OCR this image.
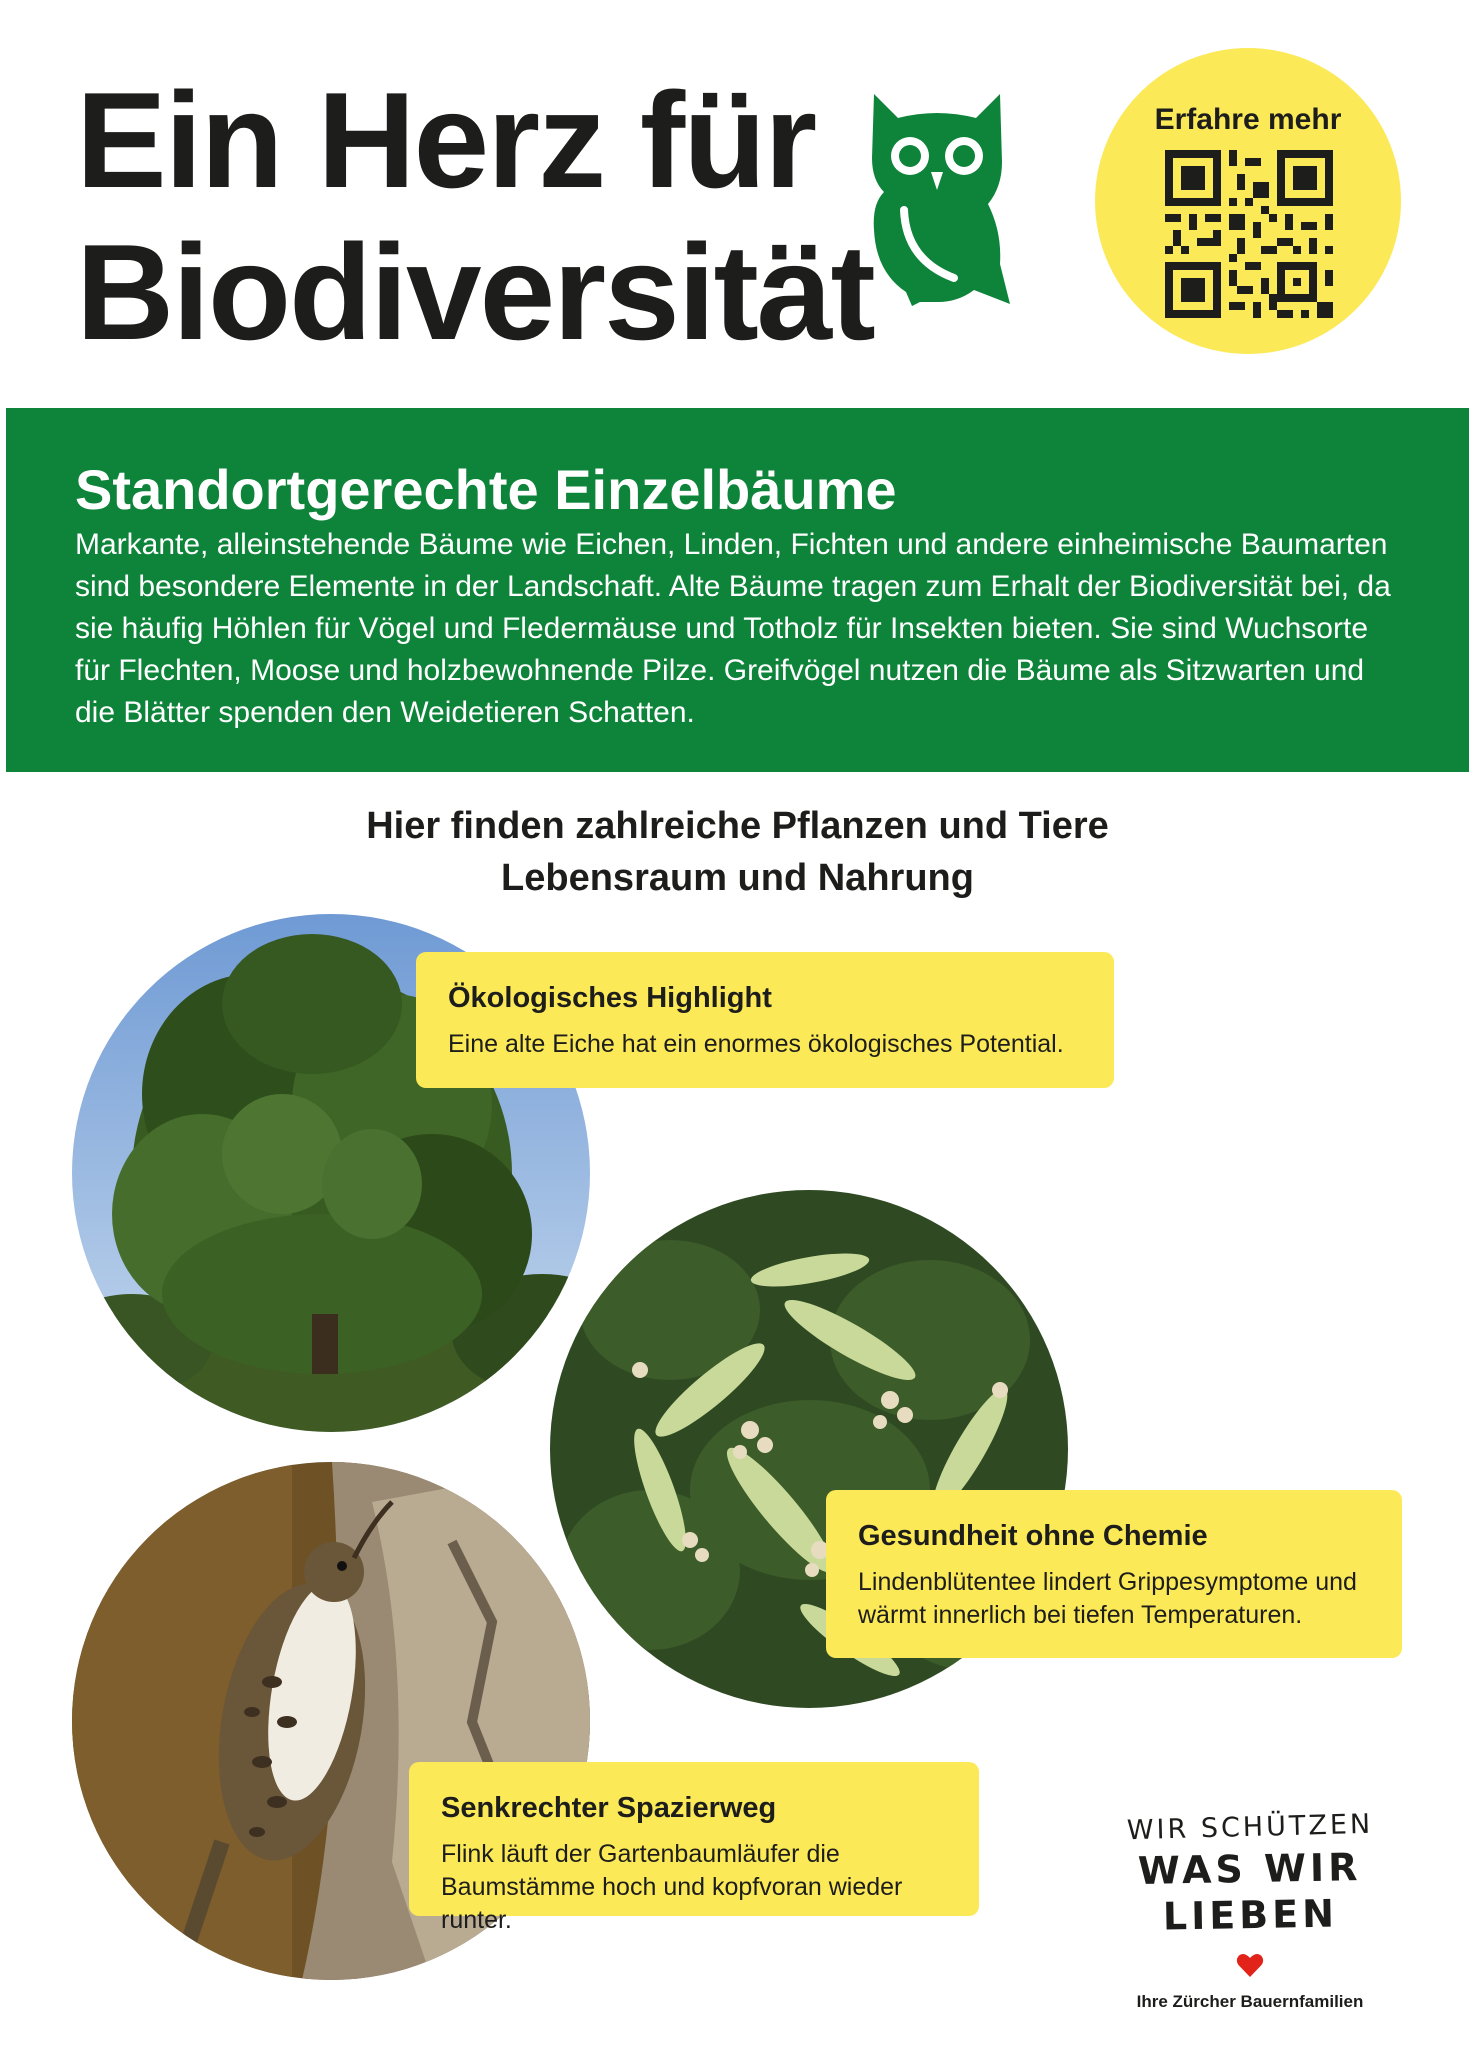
Ein Herz für
Biodiversität
Erfahre mehr
Standortgerechte Einzelbäume

Markante, alleinstehende Bäume wie Eichen, Linden, Fichten und andere einheimische Baumarten sind besondere Elemente in der Landschaft. Alte Bäume tragen zum Erhalt der Biodiversität bei, da sie häufig Höhlen für Vögel und Fledermäuse und Totholz für Insekten bieten. Sie sind Wuchsorte für Flechten, Moose und holzbewohnende Pilze. Greifvögel nutzen die Bäume als Sitzwarten und die Blätter spenden den Weidetieren Schatten.

Hier finden zahlreiche Pflanzen und Tiere
Lebensraum und Nahrung
Ökologisches Highlight

Eine alte Eiche hat ein enormes ökologisches Potential.

Gesundheit ohne Chemie

Lindenblütentee lindert Grippesymptome und wärmt innerlich bei tiefen Temperaturen.

Senkrechter Spazierweg

Flink läuft der Gartenbaumläufer die Baumstämme hoch und kopfvoran wieder runter.

WIR SCHÜTZEN
WAS WIR LIEBEN
Ihre Zürcher Bauernfamilien
